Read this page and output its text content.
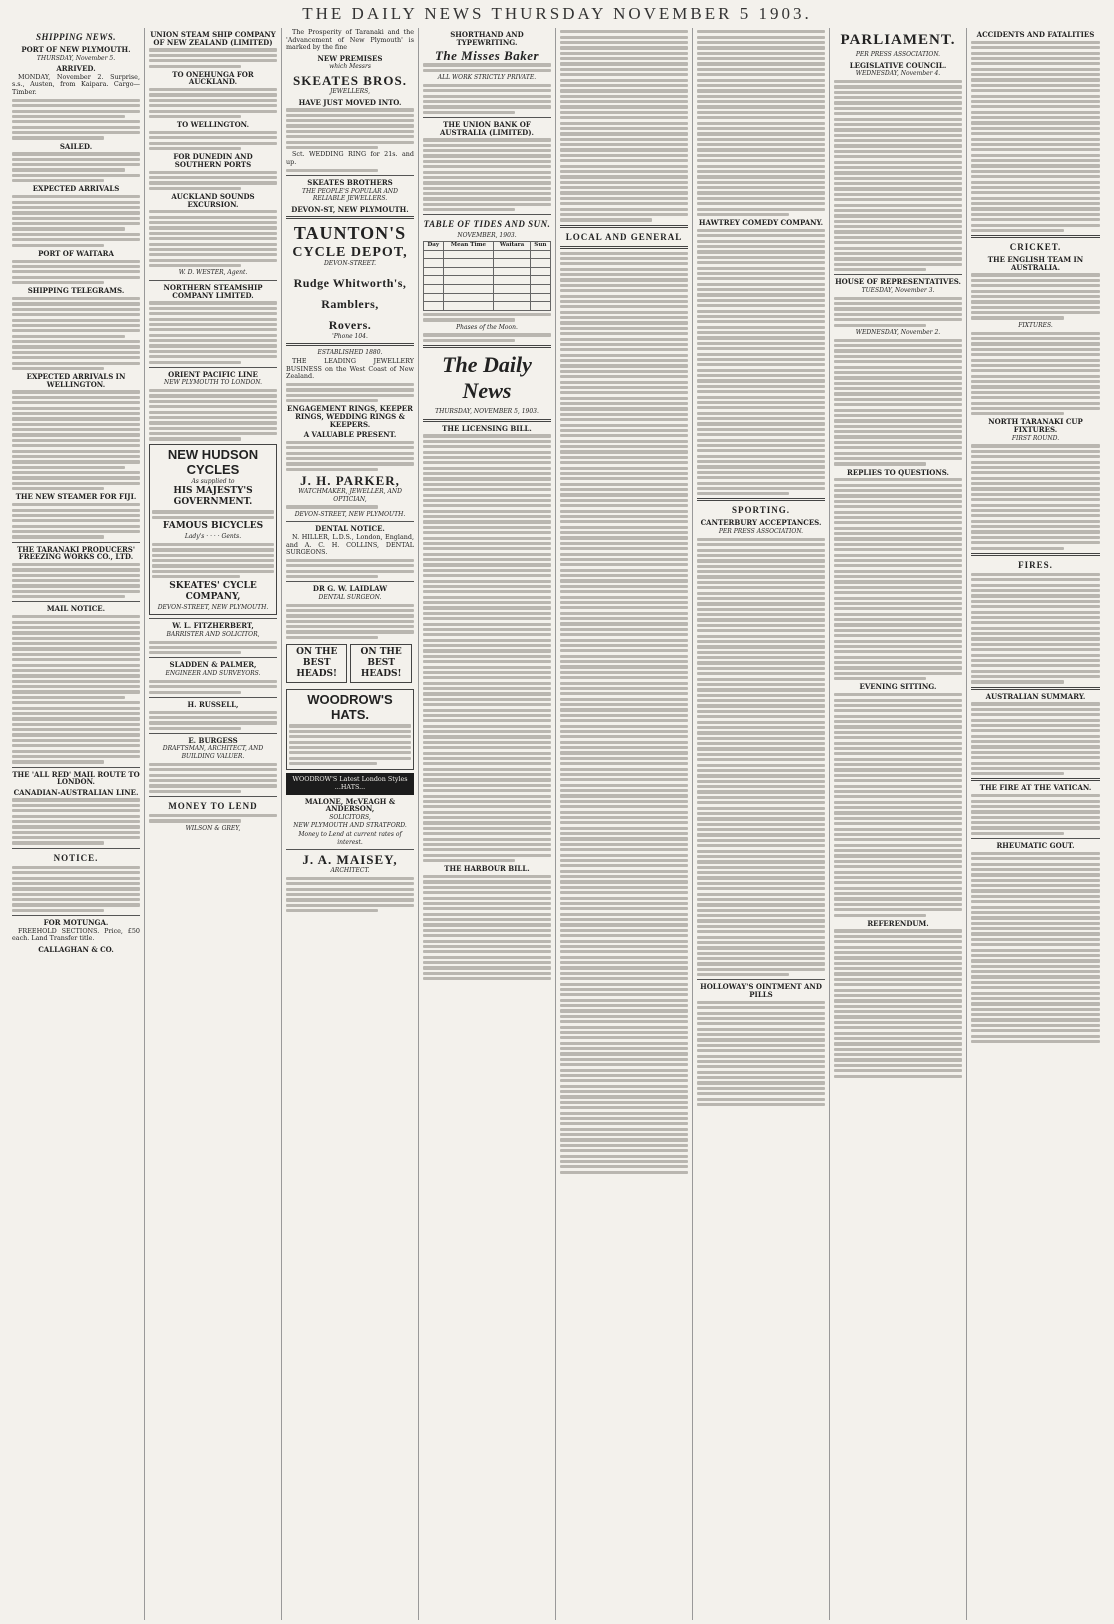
THE DAILY NEWS THURSDAY NOVEMBER 5 1903.
SHIPPING NEWS.
PORT OF NEW PLYMOUTH.
THURSDAY, November 5.
ARRIVED.

MONDAY, November 2. Surprise, s.s., Austen, from Kaipara. Cargo—Timber.

SAILED.
EXPECTED ARRIVALS
PORT OF WAITARA
SHIPPING TELEGRAMS.
EXPECTED ARRIVALS IN WELLINGTON.
THE NEW STEAMER FOR FIJI.
THE TARANAKI PRODUCERS' FREEZING WORKS CO., LTD.
MAIL NOTICE.
THE 'ALL RED' MAIL ROUTE TO LONDON.
CANADIAN-AUSTRALIAN LINE.
NOTICE.
FOR MOTUNGA.

FREEHOLD SECTIONS. Price, £50 each. Land Transfer title.

CALLAGHAN & CO.
UNION STEAM SHIP COMPANY OF NEW ZEALAND (LIMITED)
TO ONEHUNGA FOR AUCKLAND.
TO WELLINGTON.
FOR DUNEDIN AND SOUTHERN PORTS
AUCKLAND SOUNDS EXCURSION.
W. D. WESTER, Agent.
NORTHERN STEAMSHIP COMPANY LIMITED.
ORIENT PACIFIC LINE
NEW PLYMOUTH TO LONDON.
NEW HUDSON CYCLES
As supplied to
HIS MAJESTY'S GOVERNMENT.
FAMOUS BICYCLES
Lady's · · · · Gents.
SKEATES' CYCLE COMPANY,
DEVON-STREET, NEW PLYMOUTH.
W. L. FITZHERBERT,
BARRISTER AND SOLICITOR,
SLADDEN & PALMER,
ENGINEER AND SURVEYORS.
H. RUSSELL,
E. BURGESS
DRAFTSMAN, ARCHITECT, AND BUILDING VALUER.
MONEY TO LEND
WILSON & GREY,

The Prosperity of Taranaki and the 'Advancement of New Plymouth' is marked by the fine

NEW PREMISES
which Messrs
SKEATES BROS.
JEWELLERS,
HAVE JUST MOVED INTO.

Sct. WEDDING RING for 21s. and up.

SKEATES BROTHERS
THE PEOPLE'S POPULAR AND RELIABLE JEWELLERS.
DEVON-ST, NEW PLYMOUTH.
TAUNTON'S
CYCLE DEPOT,
DEVON-STREET.
Rudge Whitworth's,
Ramblers,
Rovers.
'Phone 104.
ESTABLISHED 1880.

THE LEADING JEWELLERY BUSINESS on the West Coast of New Zealand.

ENGAGEMENT RINGS, KEEPER RINGS, WEDDING RINGS & KEEPERS.
A VALUABLE PRESENT.
J. H. PARKER,
WATCHMAKER, JEWELLER, AND OPTICIAN,
DEVON-STREET, NEW PLYMOUTH.
DENTAL NOTICE.

N. HILLER, L.D.S., London, England, and A. C. H. COLLINS, DENTAL SURGEONS.

DR G. W. LAIDLAW
DENTAL SURGEON.
ON THE BEST HEADS!
ON THE BEST HEADS!
WOODROW'S HATS.
WOODROW'S Latest London Styles ...HATS...
MALONE, McVEAGH & ANDERSON,
SOLICITORS,
NEW PLYMOUTH AND STRATFORD.
Money to Lend at current rates of interest.
J. A. MAISEY,
ARCHITECT.
SHORTHAND AND TYPEWRITING.
The Misses Baker
ALL WORK STRICTLY PRIVATE.
THE UNION BANK OF AUSTRALIA (LIMITED).
TABLE OF TIDES AND SUN.
NOVEMBER, 1903.
Day	Mean Time	Waitara	Sun

Phases of the Moon.
The Daily News
THURSDAY, NOVEMBER 5, 1903.
THE LICENSING BILL.
THE HARBOUR BILL.
LOCAL AND GENERAL
HAWTREY COMEDY COMPANY.
SPORTING.
CANTERBURY ACCEPTANCES.
PER PRESS ASSOCIATION.
HOLLOWAY'S OINTMENT AND PILLS
PARLIAMENT.
PER PRESS ASSOCIATION.
LEGISLATIVE COUNCIL.
WEDNESDAY, November 4.
HOUSE OF REPRESENTATIVES.
TUESDAY, November 3.
WEDNESDAY, November 2.
REPLIES TO QUESTIONS.
EVENING SITTING.
REFERENDUM.
ACCIDENTS AND FATALITIES
CRICKET.
THE ENGLISH TEAM IN AUSTRALIA.
FIXTURES.
NORTH TARANAKI CUP FIXTURES.
FIRST ROUND.
FIRES.
AUSTRALIAN SUMMARY.
THE FIRE AT THE VATICAN.
RHEUMATIC GOUT.
